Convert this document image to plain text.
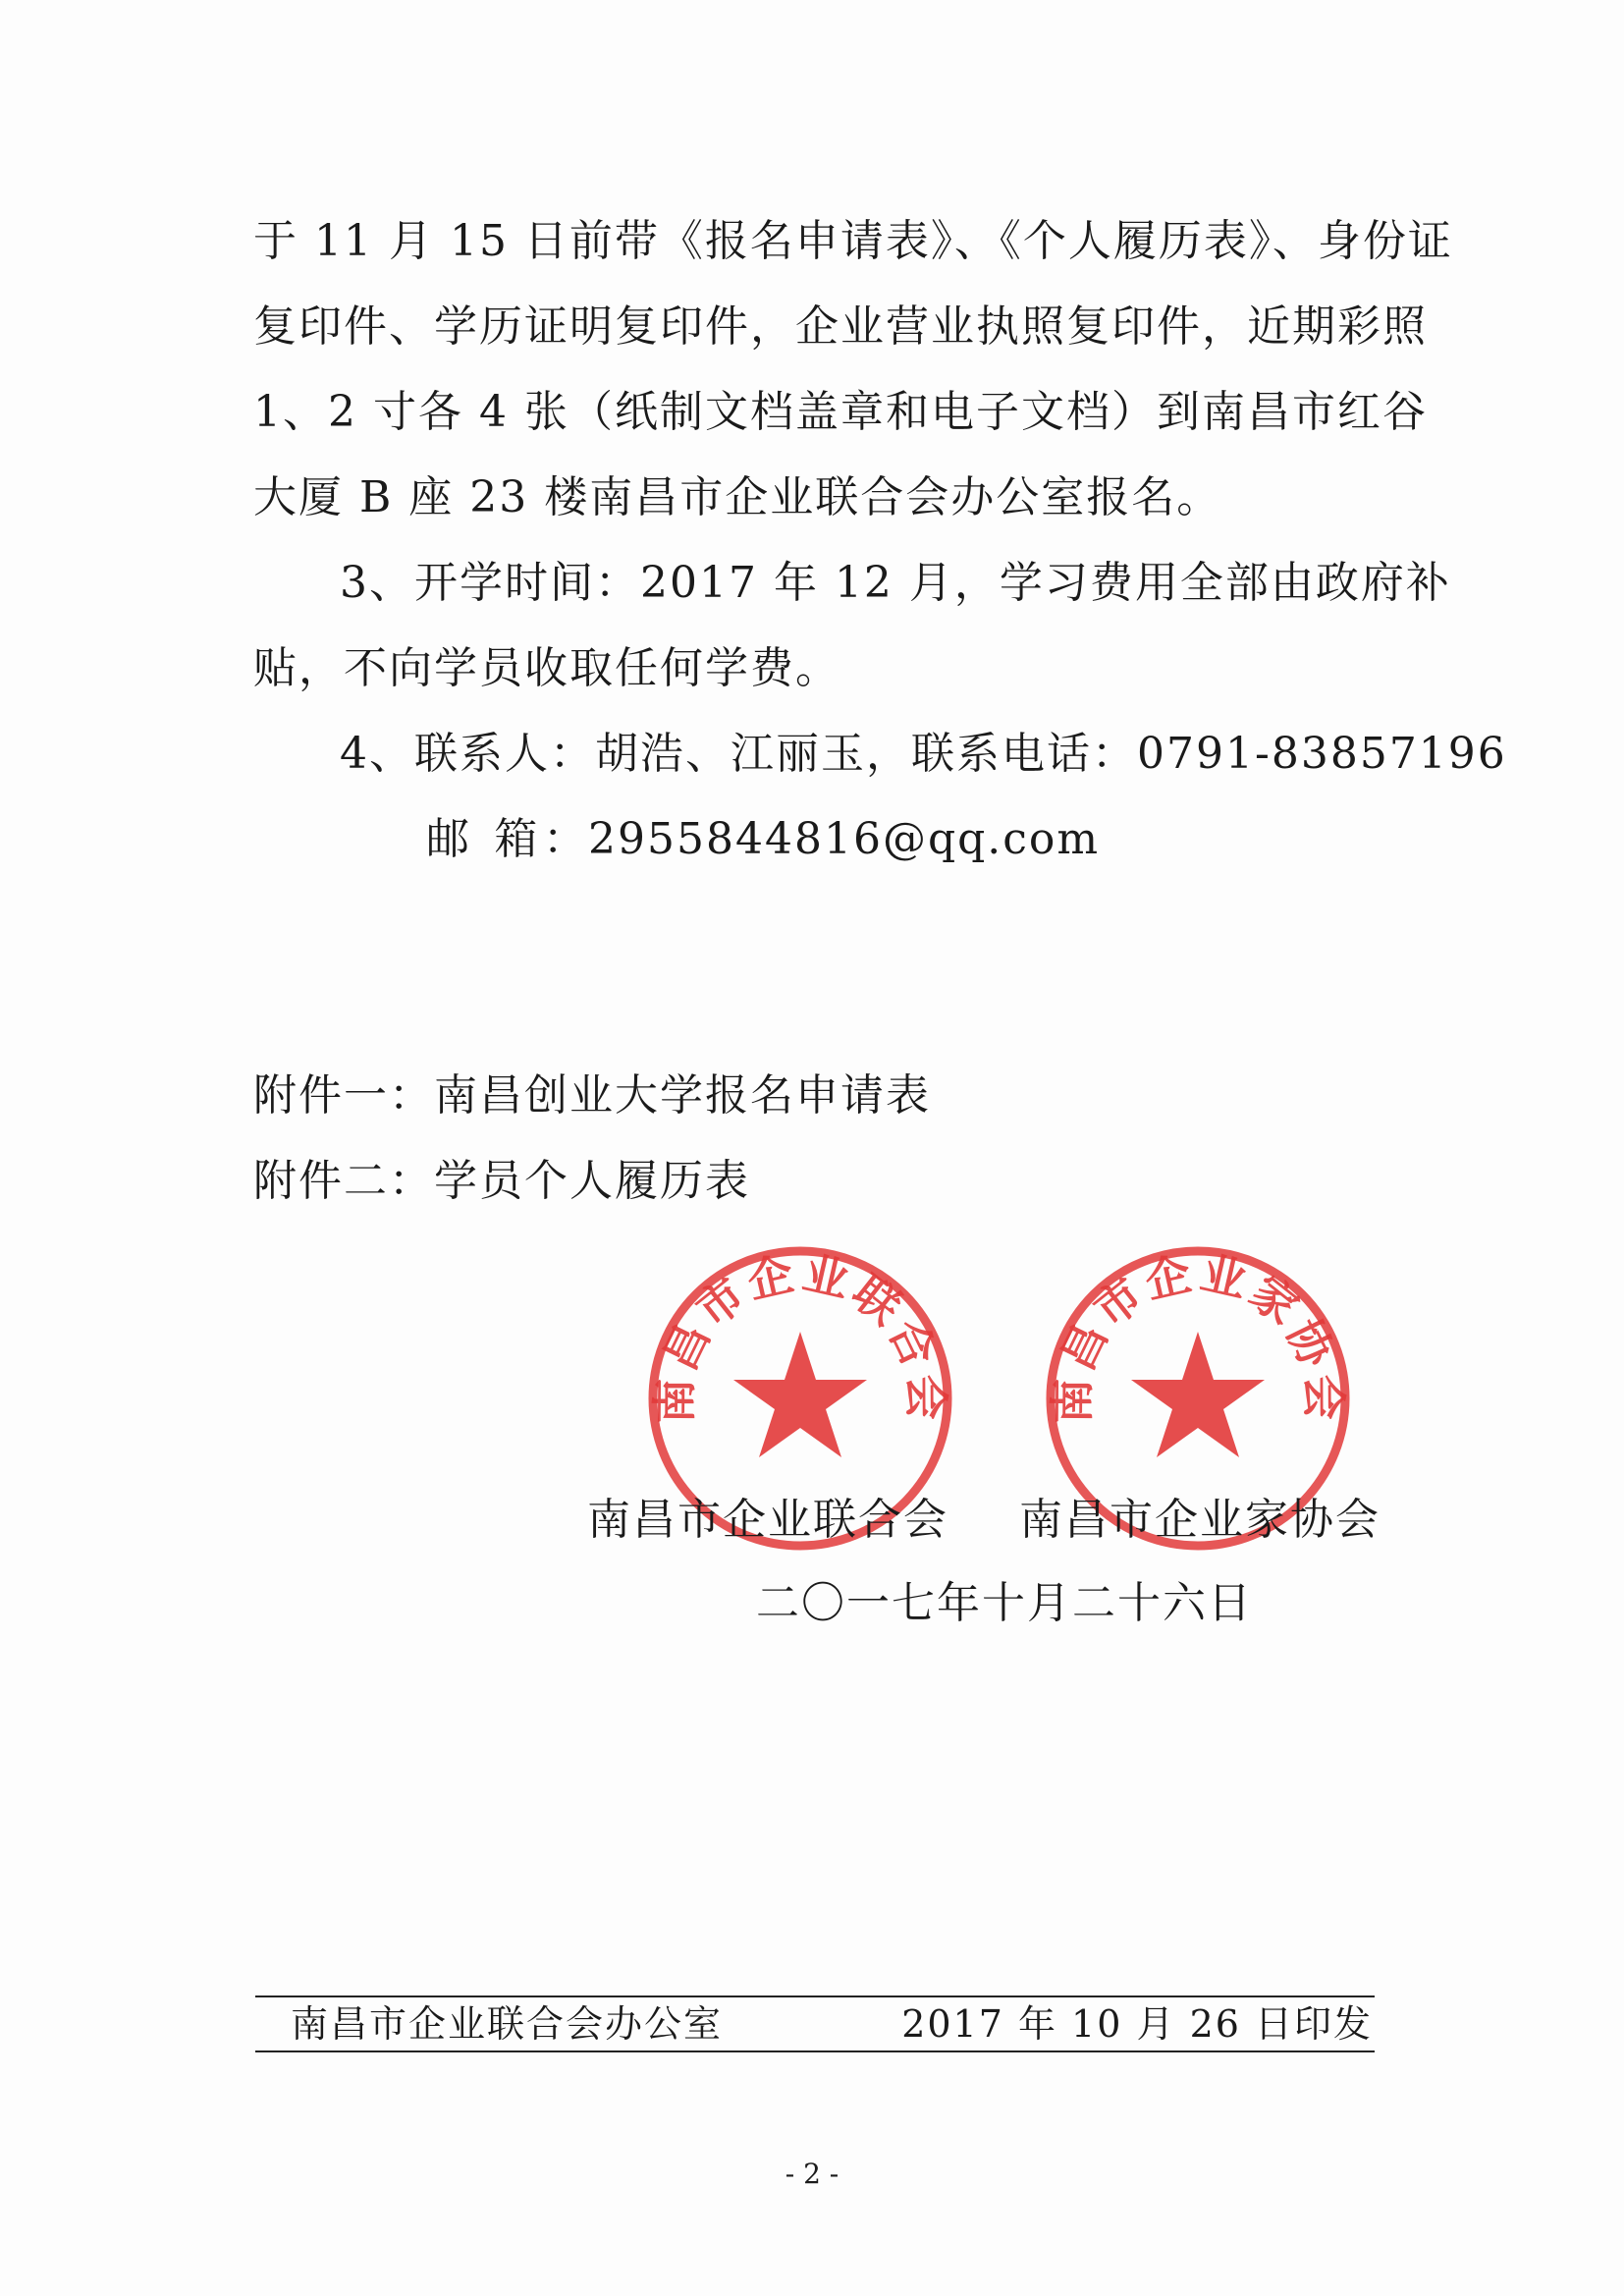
于 11 月 15 日前带《报名申请表》、《个人履历表》、身份证
复印件、学历证明复印件，企业营业执照复印件，近期彩照
1、2 寸各 4 张（纸制文档盖章和电子文档）到南昌市红谷
大厦 B 座 23 楼南昌市企业联合会办公室报名。
3、开学时间：2017 年 12 月，学习费用全部由政府补
贴，不向学员收取任何学费。
4、联系人：胡浩、江丽玉，联系电话：0791-83857196
邮 箱：2955844816@qq.com
附件一：南昌创业大学报名申请表
附件二：学员个人履历表
南昌市企业联合会 南昌市企业家协会
南昌市企业联合会 南昌市企业家协会
二〇一七年十月二十六日
南昌市企业联合会办公室	2017 年 10 月 26 日印发
- 2 -
